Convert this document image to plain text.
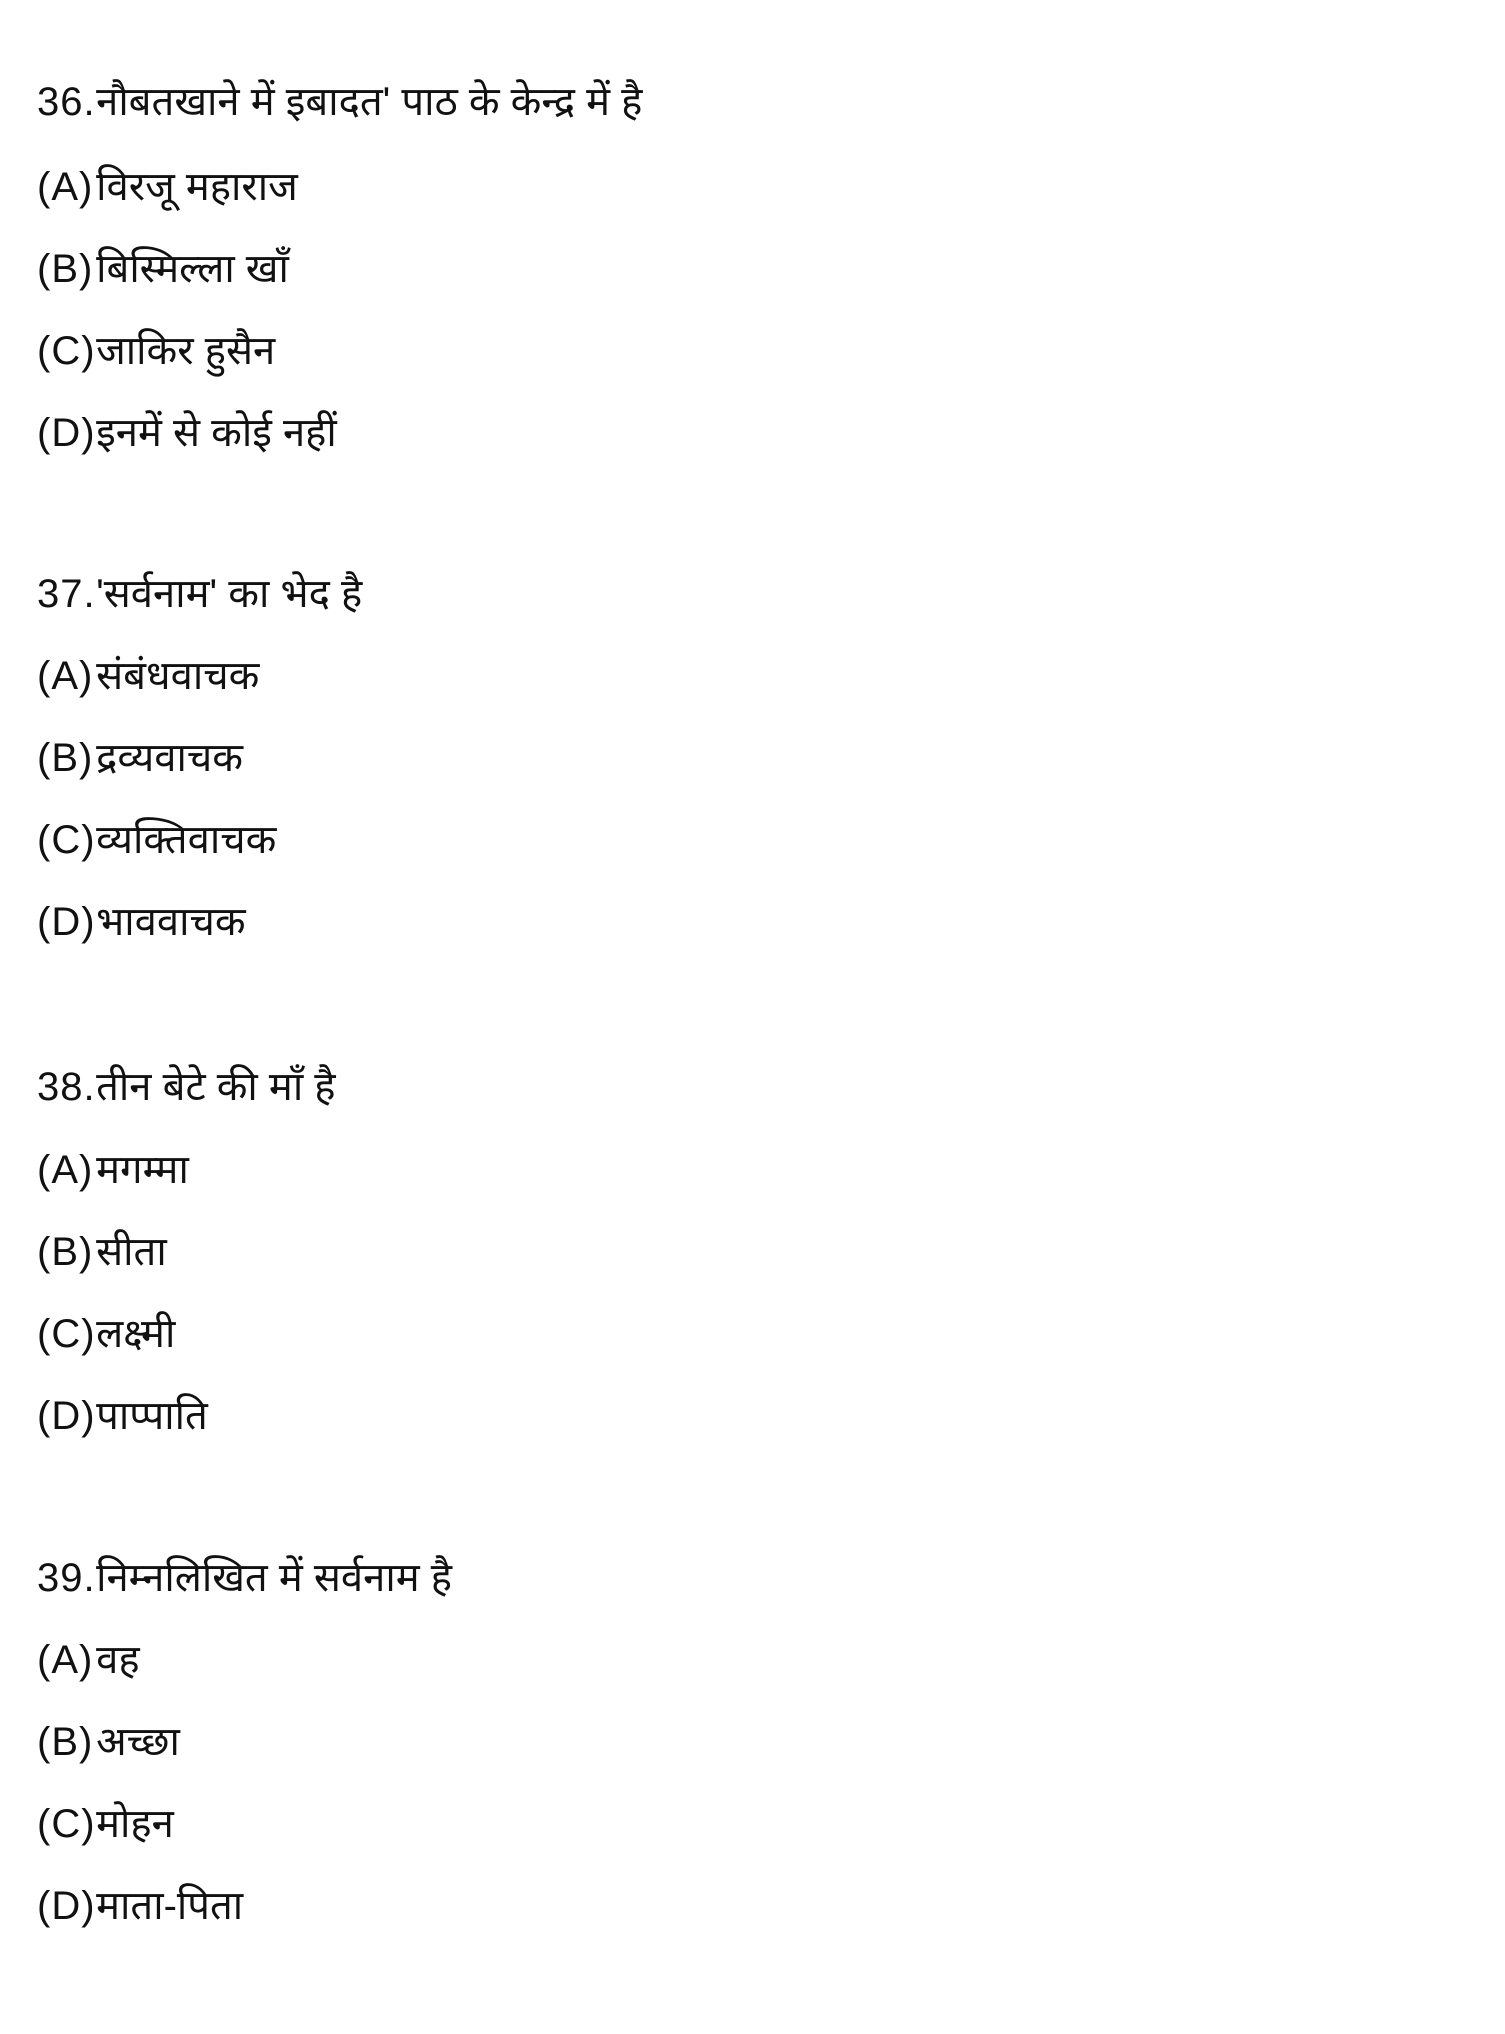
36. नौबतखाने में इबादत' पाठ के केन्द्र में है
(A) विरजू महाराज
(B) बिस्मिल्ला खाँ
(C) जाकिर हुसैन
(D) इनमें से कोई नहीं
37. 'सर्वनाम' का भेद है
(A) संबंधवाचक
(B) द्रव्यवाचक
(C) व्यक्तिवाचक
(D) भाववाचक
38. तीन बेटे की माँ है
(A) मगम्मा
(B) सीता
(C) लक्ष्मी
(D) पाप्पाति
39. निम्नलिखित में सर्वनाम है
(A) वह
(B) अच्छा
(C) मोहन
(D) माता-पिता
